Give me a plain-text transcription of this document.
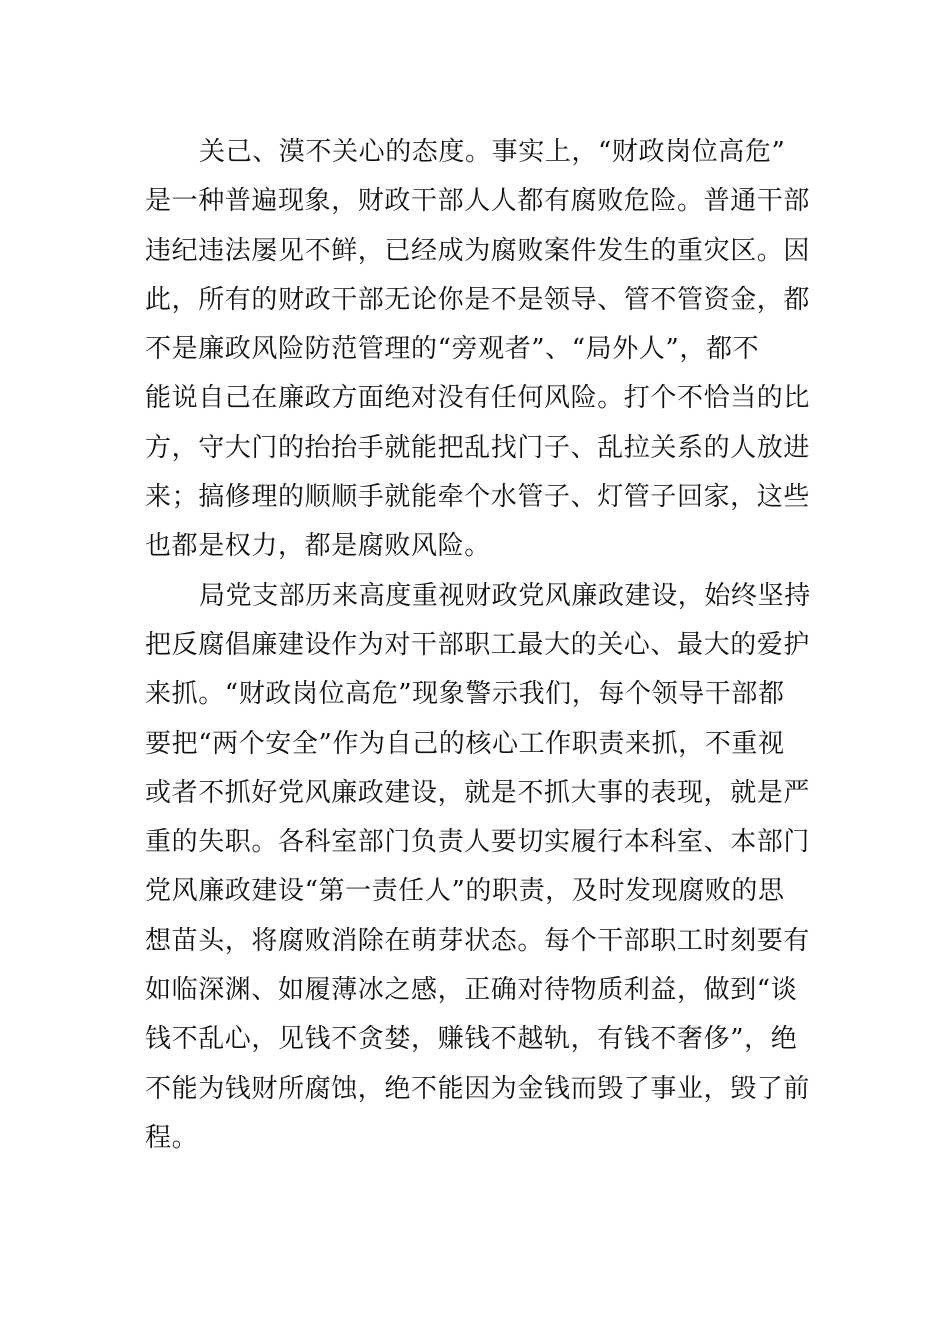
关己、漠不关心的态度。事实上，“财政岗位高危”
是一种普遍现象，财政干部人人都有腐败危险。普通干部
违纪违法屡见不鲜，已经成为腐败案件发生的重灾区。因
此，所有的财政干部无论你是不是领导、管不管资金，都
不是廉政风险防范管理的“旁观者”、“局外人”，都不
能说自己在廉政方面绝对没有任何风险。打个不恰当的比
方，守大门的抬抬手就能把乱找门子、乱拉关系的人放进
来；搞修理的顺顺手就能牵个水管子、灯管子回家，这些
也都是权力，都是腐败风险。
局党支部历来高度重视财政党风廉政建设，始终坚持
把反腐倡廉建设作为对干部职工最大的关心、最大的爱护
来抓。“财政岗位高危”现象警示我们，每个领导干部都
要把“两个安全”作为自己的核心工作职责来抓，不重视
或者不抓好党风廉政建设，就是不抓大事的表现，就是严
重的失职。各科室部门负责人要切实履行本科室、本部门
党风廉政建设“第一责任人”的职责，及时发现腐败的思
想苗头，将腐败消除在萌芽状态。每个干部职工时刻要有
如临深渊、如履薄冰之感，正确对待物质利益，做到“谈
钱不乱心，见钱不贪婪，赚钱不越轨，有钱不奢侈”，绝
不能为钱财所腐蚀，绝不能因为金钱而毁了事业，毁了前
程。
